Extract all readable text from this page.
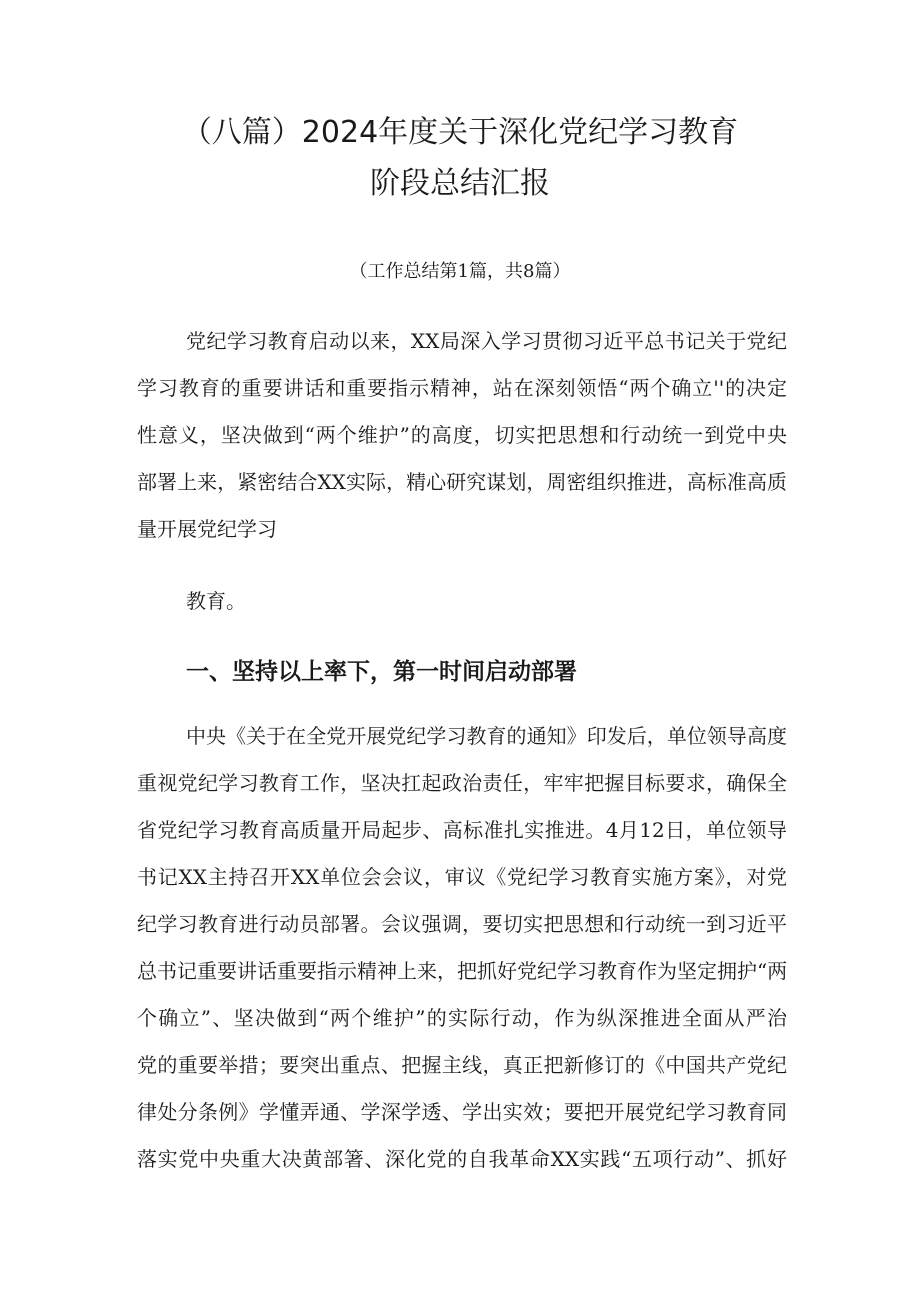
（八篇）2024年度关于深化党纪学习教育
阶段总结汇报

（工作总结第1篇，共8篇）

党纪学习教育启动以来，XX局深入学习贯彻习近平总书记关于党纪

学习教育的重要讲话和重要指示精神，站在深刻领悟“两个确立''的决定

性意义，坚决做到“两个维护”的高度，切实把思想和行动统一到党中央

部署上来，紧密结合XX实际，精心研究谋划，周密组织推进，高标准高质

量开展党纪学习

教育。

一、坚持以上率下，第一时间启动部署

中央《关于在全党开展党纪学习教育的通知》印发后，单位领导高度

重视党纪学习教育工作，坚决扛起政治责任，牢牢把握目标要求，确保全

省党纪学习教育高质量开局起步、高标准扎实推进。4月12日，单位领导

书记XX主持召开XX单位会会议，审议《党纪学习教育实施方案》，对党

纪学习教育进行动员部署。会议强调，要切实把思想和行动统一到习近平

总书记重要讲话重要指示精神上来，把抓好党纪学习教育作为坚定拥护“两

个确立”、坚决做到“两个维护”的实际行动，作为纵深推进全面从严治

党的重要举措；要突出重点、把握主线，真正把新修订的《中国共产党纪

律处分条例》学懂弄通、学深学透、学出实效；要把开展党纪学习教育同

落实党中央重大决黄部箸、深化党的自我革命XX实践“五项行动”、抓好
